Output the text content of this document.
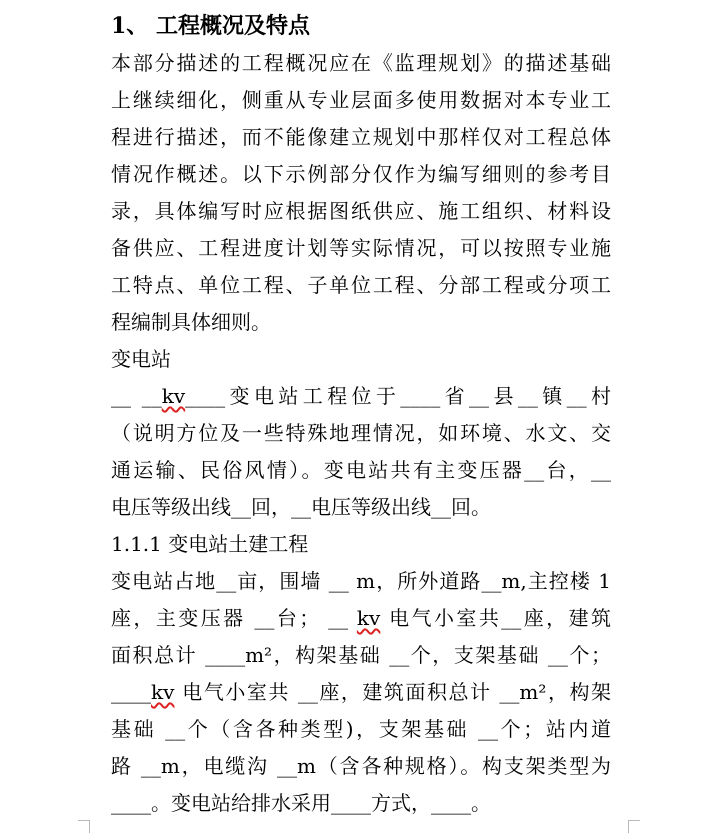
1、 工程概况及特点
本部分描述的工程概况应在《监理规划》的描述基础
上继续细化，侧重从专业层面多使用数据对本专业工
程进行描述，而不能像建立规划中那样仅对工程总体
情况作概述。以下示例部分仅作为编写细则的参考目
录，具体编写时应根据图纸供应、施工组织、材料设
备供应、工程进度计划等实际情况，可以按照专业施
工特点、单位工程、子单位工程、分部工程或分项工
程编制具体细则。
变电站
__ __kv____变电站工程位于____省__县__镇__村
（说明方位及一些特殊地理情况，如环境、水文、交
通运输、民俗风情）。变电站共有主变压器__台，__
电压等级出线__回，__电压等级出线__回。
1.1.1 变电站土建工程
变电站占地__亩，围墙 __ m，所外道路__m,主控楼 1
座，主变压器 __台； __ kv 电气小室共__座，建筑
面积总计 ____m²，构架基础 __个，支架基础 __个；
____kv 电气小室共 __座，建筑面积总计 __m²，构架
基础 __个（含各种类型)，支架基础 __个；站内道
路 __m，电缆沟 __m（含各种规格）。构支架类型为
____。变电站给排水采用____方式，____。
